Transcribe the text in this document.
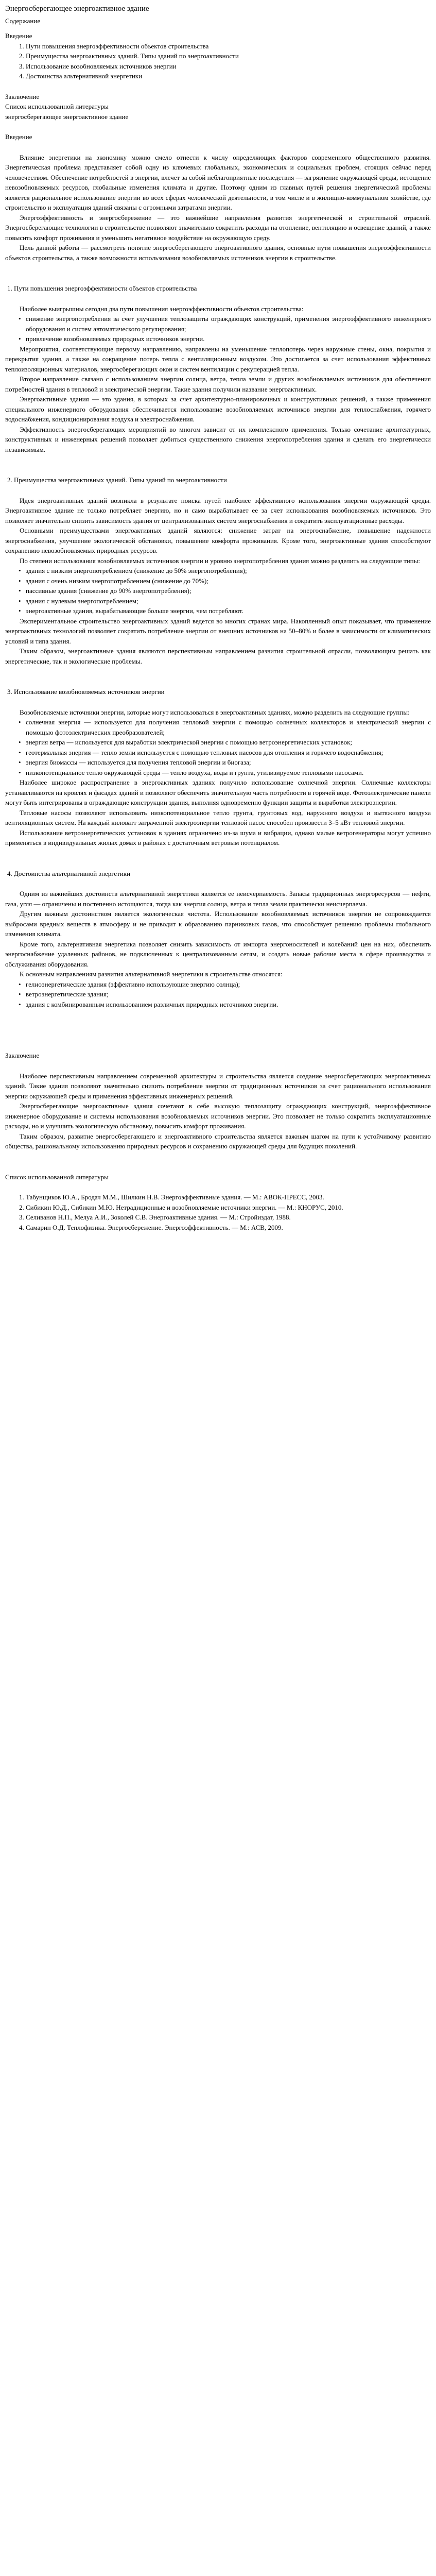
Энергосберегающее энергоактивное здание
Содержание
Введение
1. Пути повышения энергоэффективности объектов строительства
2. Преимущества энергоактивных зданий. Типы зданий по энергоактивности
3. Использование возобновляемых источников энергии
4. Достоинства альтернативной энергетики
Заключение
Список использованной литературы
энергосберегающее энергоактивное здание
Введение

Влияние энергетики на экономику можно смело отнести к числу определяющих факторов современного общественного развития. Энергетическая проблема представляет собой одну из ключевых глобальных, экономических и социальных проблем, стоящих сейчас перед человечеством. Обеспечение потребностей в энергии, влечет за собой неблагоприятные последствия — загрязнение окружающей среды, истощение невозобновляемых ресурсов, глобальные изменения климата и другие. Поэтому одним из главных путей решения энергетической проблемы является рациональное использование энергии во всех сферах человеческой деятельности, в том числе и в жилищно-коммунальном хозяйстве, где строительство и эксплуатация зданий связаны с огромными затратами энергии.

Энергоэффективность и энергосбережение — это важнейшие направления развития энергетической и строительной отраслей. Энергосберегающие технологии в строительстве позволяют значительно сократить расходы на отопление, вентиляцию и освещение зданий, а также повысить комфорт проживания и уменьшить негативное воздействие на окружающую среду.

Цель данной работы — рассмотреть понятие энергосберегающего энергоактивного здания, основные пути повышения энергоэффективности объектов строительства, а также возможности использования возобновляемых источников энергии в строительстве.

1. Пути повышения энергоэффективности объектов строительства

Наиболее выигрышны сегодня два пути повышения энергоэффективности объектов строительства:

• снижение энергопотребления за счет улучшения теплозащиты ограждающих конструкций, применения энергоэффективного инженерного оборудования и систем автоматического регулирования;
• привлечение возобновляемых природных источников энергии.

Мероприятия, соответствующие первому направлению, направлены на уменьшение теплопотерь через наружные стены, окна, покрытия и перекрытия здания, а также на сокращение потерь тепла с вентиляционным воздухом. Это достигается за счет использования эффективных теплоизоляционных материалов, энергосберегающих окон и систем вентиляции с рекуперацией тепла.

Второе направление связано с использованием энергии солнца, ветра, тепла земли и других возобновляемых источников для обеспечения потребностей здания в тепловой и электрической энергии. Такие здания получили название энергоактивных.

Энергоактивные здания — это здания, в которых за счет архитектурно-планировочных и конструктивных решений, а также применения специального инженерного оборудования обеспечивается использование возобновляемых источников энергии для теплоснабжения, горячего водоснабжения, кондиционирования воздуха и электроснабжения.

Эффективность энергосберегающих мероприятий во многом зависит от их комплексного применения. Только сочетание архитектурных, конструктивных и инженерных решений позволяет добиться существенного снижения энергопотребления здания и сделать его энергетически независимым.

2. Преимущества энергоактивных зданий. Типы зданий по энергоактивности

Идея энергоактивных зданий возникла в результате поиска путей наиболее эффективного использования энергии окружающей среды. Энергоактивное здание не только потребляет энергию, но и само вырабатывает ее за счет использования возобновляемых источников. Это позволяет значительно снизить зависимость здания от централизованных систем энергоснабжения и сократить эксплуатационные расходы.

Основными преимуществами энергоактивных зданий являются: снижение затрат на энергоснабжение, повышение надежности энергоснабжения, улучшение экологической обстановки, повышение комфорта проживания. Кроме того, энергоактивные здания способствуют сохранению невозобновляемых природных ресурсов.

По степени использования возобновляемых источников энергии и уровню энергопотребления здания можно разделить на следующие типы:

• здания с низким энергопотреблением (снижение до 50% энергопотребления);
• здания с очень низким энергопотреблением (снижение до 70%);
• пассивные здания (снижение до 90% энергопотребления);
• здания с нулевым энергопотреблением;
• энергоактивные здания, вырабатывающие больше энергии, чем потребляют.

Экспериментальное строительство энергоактивных зданий ведется во многих странах мира. Накопленный опыт показывает, что применение энергоактивных технологий позволяет сократить потребление энергии от внешних источников на 50–80% и более в зависимости от климатических условий и типа здания.

Таким образом, энергоактивные здания являются перспективным направлением развития строительной отрасли, позволяющим решать как энергетические, так и экологические проблемы.

3. Использование возобновляемых источников энергии

Возобновляемые источники энергии, которые могут использоваться в энергоактивных зданиях, можно разделить на следующие группы:

• солнечная энергия — используется для получения тепловой энергии с помощью солнечных коллекторов и электрической энергии с помощью фотоэлектрических преобразователей;
• энергия ветра — используется для выработки электрической энергии с помощью ветроэнергетических установок;
• геотермальная энергия — тепло земли используется с помощью тепловых насосов для отопления и горячего водоснабжения;
• энергия биомассы — используется для получения тепловой энергии и биогаза;
• низкопотенциальное тепло окружающей среды — тепло воздуха, воды и грунта, утилизируемое тепловыми насосами.

Наиболее широкое распространение в энергоактивных зданиях получило использование солнечной энергии. Солнечные коллекторы устанавливаются на кровлях и фасадах зданий и позволяют обеспечить значительную часть потребности в горячей воде. Фотоэлектрические панели могут быть интегрированы в ограждающие конструкции здания, выполняя одновременно функции защиты и выработки электроэнергии.

Тепловые насосы позволяют использовать низкопотенциальное тепло грунта, грунтовых вод, наружного воздуха и вытяжного воздуха вентиляционных систем. На каждый киловатт затраченной электроэнергии тепловой насос способен произвести 3–5 кВт тепловой энергии.

Использование ветроэнергетических установок в зданиях ограничено из-за шума и вибрации, однако малые ветрогенераторы могут успешно применяться в индивидуальных жилых домах в районах с достаточным ветровым потенциалом.

4. Достоинства альтернативной энергетики

Одним из важнейших достоинств альтернативной энергетики является ее неисчерпаемость. Запасы традиционных энергоресурсов — нефти, газа, угля — ограничены и постепенно истощаются, тогда как энергия солнца, ветра и тепла земли практически неисчерпаема.

Другим важным достоинством является экологическая чистота. Использование возобновляемых источников энергии не сопровождается выбросами вредных веществ в атмосферу и не приводит к образованию парниковых газов, что способствует решению проблемы глобального изменения климата.

Кроме того, альтернативная энергетика позволяет снизить зависимость от импорта энергоносителей и колебаний цен на них, обеспечить энергоснабжение удаленных районов, не подключенных к централизованным сетям, и создать новые рабочие места в сфере производства и обслуживания оборудования.

К основным направлениям развития альтернативной энергетики в строительстве относятся:

• гелиоэнергетические здания (эффективно использующие энергию солнца);
• ветроэнергетические здания;
• здания с комбинированным использованием различных природных источников энергии.
Заключение

Наиболее перспективным направлением современной архитектуры и строительства является создание энергосберегающих энергоактивных зданий. Такие здания позволяют значительно снизить потребление энергии от традиционных источников за счет рационального использования энергии окружающей среды и применения эффективных инженерных решений.

Энергосберегающие энергоактивные здания сочетают в себе высокую теплозащиту ограждающих конструкций, энергоэффективное инженерное оборудование и системы использования возобновляемых источников энергии. Это позволяет не только сократить эксплуатационные расходы, но и улучшить экологическую обстановку, повысить комфорт проживания.

Таким образом, развитие энергосберегающего и энергоактивного строительства является важным шагом на пути к устойчивому развитию общества, рациональному использованию природных ресурсов и сохранению окружающей среды для будущих поколений.

Список использованной литературы
1. Табунщиков Ю.А., Бродач М.М., Шилкин Н.В. Энергоэффективные здания. — М.: АВОК-ПРЕСС, 2003.
2. Сибикин Ю.Д., Сибикин М.Ю. Нетрадиционные и возобновляемые источники энергии. — М.: КНОРУС, 2010.
3. Селиванов Н.П., Мелуа А.И., Зоколей С.В. Энергоактивные здания. — М.: Стройиздат, 1988.
4. Самарин О.Д. Теплофизика. Энергосбережение. Энергоэффективность. — М.: АСВ, 2009.
